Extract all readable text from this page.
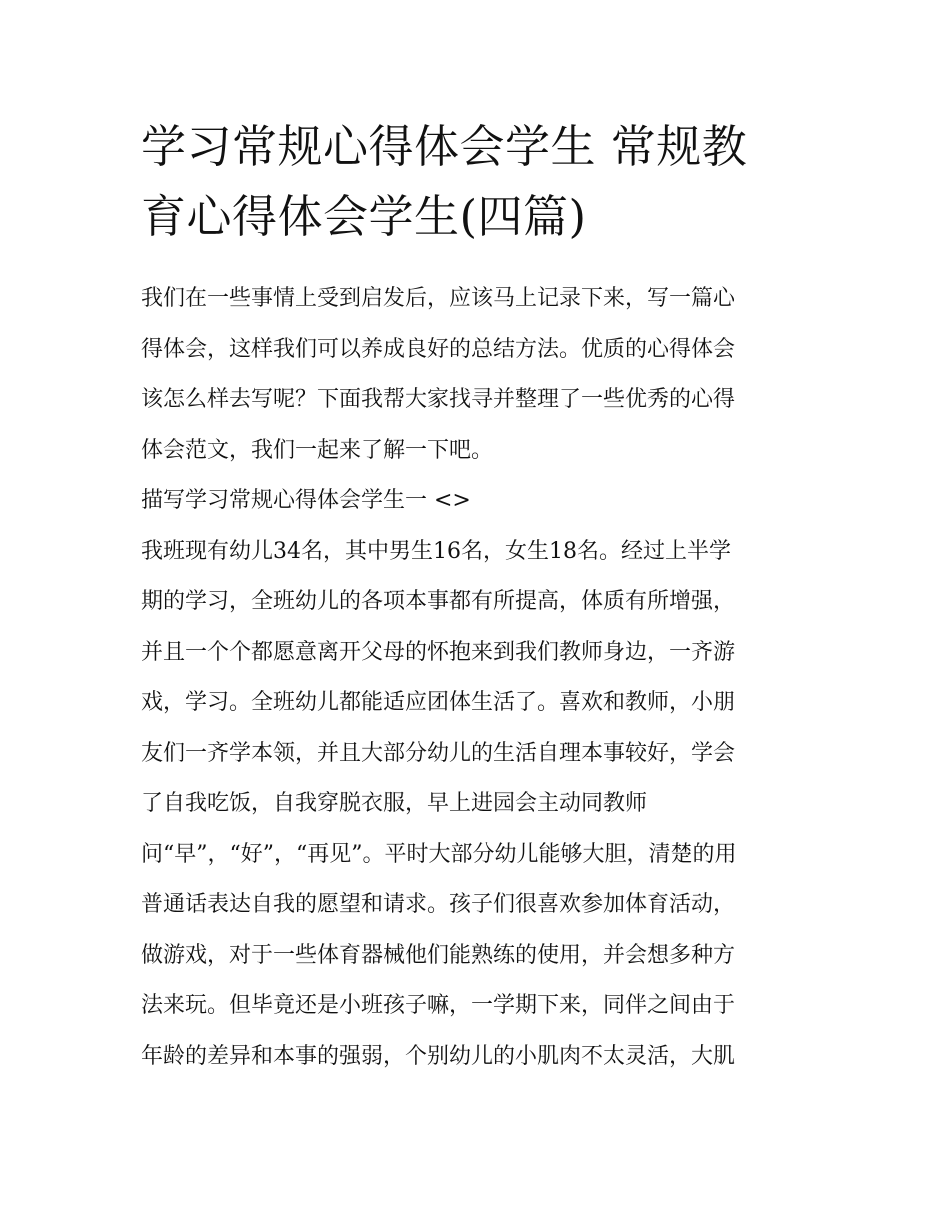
学习常规心得体会学生 常规教
育心得体会学生(四篇)
我们在一些事情上受到启发后，应该马上记录下来，写一篇心
得体会，这样我们可以养成良好的总结方法。优质的心得体会
该怎么样去写呢？下面我帮大家找寻并整理了一些优秀的心得
体会范文，我们一起来了解一下吧。
描写学习常规心得体会学生一 <>
我班现有幼儿34名，其中男生16名，女生18名。经过上半学
期的学习，全班幼儿的各项本事都有所提高，体质有所增强，
并且一个个都愿意离开父母的怀抱来到我们教师身边，一齐游
戏，学习。全班幼儿都能适应团体生活了。喜欢和教师，小朋
友们一齐学本领，并且大部分幼儿的生活自理本事较好，学会
了自我吃饭，自我穿脱衣服，早上进园会主动同教师
问“早”，“好”，“再见”。平时大部分幼儿能够大胆，清楚的用
普通话表达自我的愿望和请求。孩子们很喜欢参加体育活动，
做游戏，对于一些体育器械他们能熟练的使用，并会想多种方
法来玩。但毕竟还是小班孩子嘛，一学期下来，同伴之间由于
年龄的差异和本事的强弱，个别幼儿的小肌肉不太灵活，大肌
